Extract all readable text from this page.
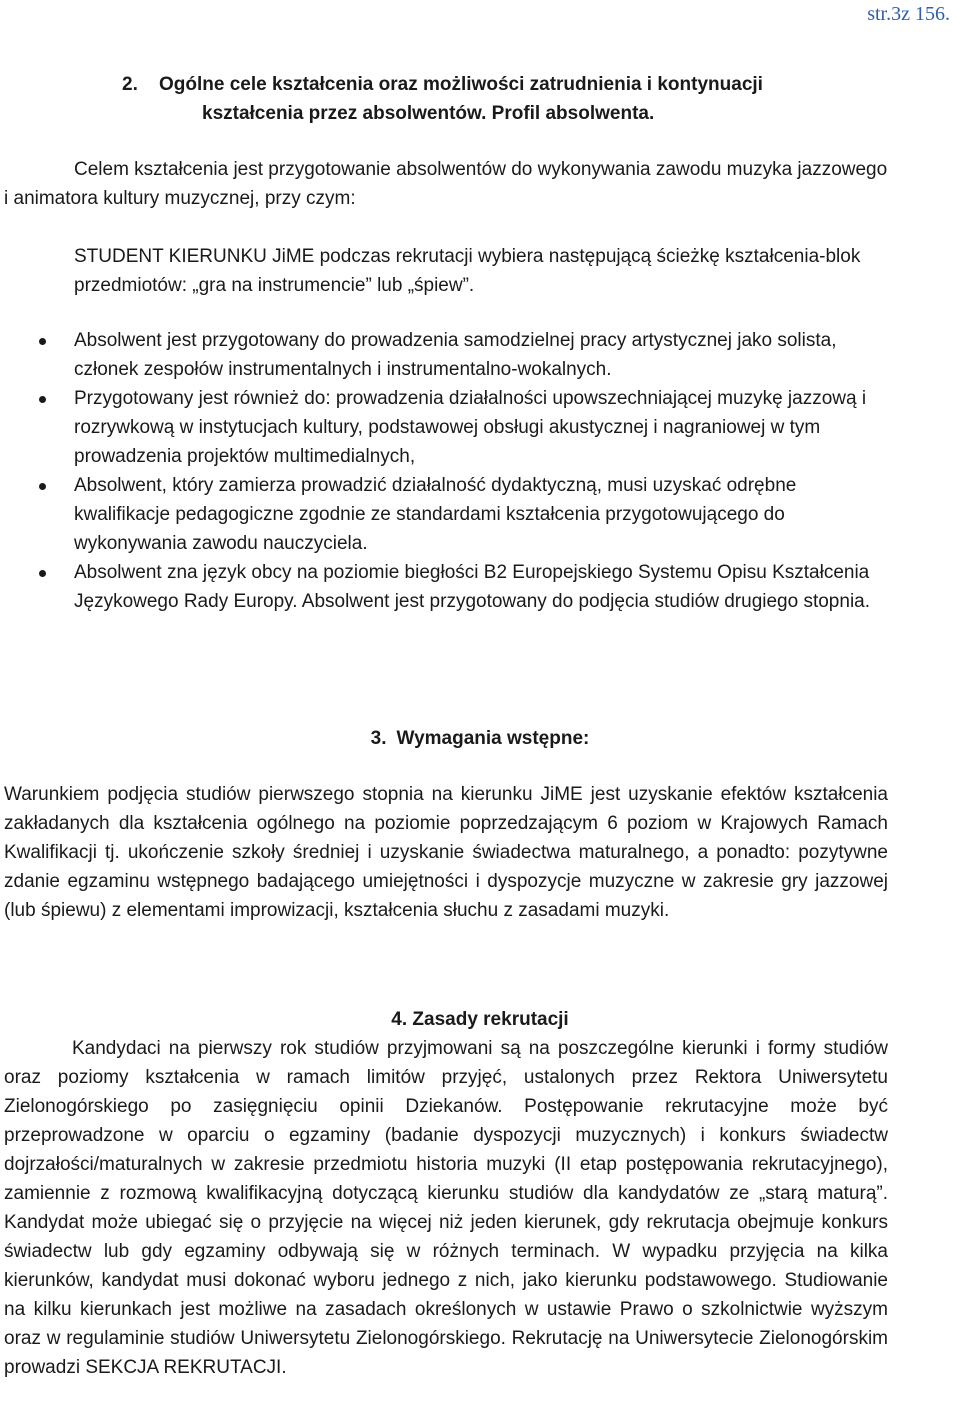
str.3z 156.
2. Ogólne cele kształcenia oraz możliwości zatrudnienia i kontynuacji
kształcenia przez absolwentów. Profil absolwenta.

Celem kształcenia jest przygotowanie absolwentów do wykonywania zawodu muzyka jazzowego i animatora kultury muzycznej, przy czym:

STUDENT KIERUNKU JiME podczas rekrutacji wybiera następującą ścieżkę kształcenia-blok przedmiotów: „gra na instrumencie” lub „śpiew”.

Absolwent jest przygotowany do prowadzenia samodzielnej pracy artystycznej jako solista, członek zespołów instrumentalnych i instrumentalno-wokalnych.

Przygotowany jest również do: prowadzenia działalności upowszechniającej muzykę jazzową i rozrywkową w instytucjach kultury, podstawowej obsługi akustycznej i nagraniowej w tym prowadzenia projektów multimedialnych,

Absolwent, który zamierza prowadzić działalność dydaktyczną, musi uzyskać odrębne kwalifikacje pedagogiczne zgodnie ze standardami kształcenia przygotowującego do wykonywania zawodu nauczyciela.

Absolwent zna język obcy na poziomie biegłości B2 Europejskiego Systemu Opisu Kształcenia Językowego Rady Europy. Absolwent jest przygotowany do podjęcia studiów drugiego stopnia.

3. Wymagania wstępne:

Warunkiem podjęcia studiów pierwszego stopnia na kierunku JiME jest uzyskanie efektów kształcenia zakładanych dla kształcenia ogólnego na poziomie poprzedzającym 6 poziom w Krajowych Ramach Kwalifikacji tj. ukończenie szkoły średniej i uzyskanie świadectwa maturalnego, a ponadto: pozytywne zdanie egzaminu wstępnego badającego umiejętności i dyspozycje muzyczne w zakresie gry jazzowej (lub śpiewu) z elementami improwizacji, kształcenia słuchu z zasadami muzyki.

4. Zasady rekrutacji

Kandydaci na pierwszy rok studiów przyjmowani są na poszczególne kierunki i formy studiów oraz poziomy kształcenia w ramach limitów przyjęć, ustalonych przez Rektora Uniwersytetu Zielonogórskiego po zasięgnięciu opinii Dziekanów. Postępowanie rekrutacyjne może być przeprowadzone w oparciu o egzaminy (badanie dyspozycji muzycznych) i konkurs świadectw dojrzałości/maturalnych w zakresie przedmiotu historia muzyki (II etap postępowania rekrutacyjnego), zamiennie z rozmową kwalifikacyjną dotyczącą kierunku studiów dla kandydatów ze „starą maturą”. Kandydat może ubiegać się o przyjęcie na więcej niż jeden kierunek, gdy rekrutacja obejmuje konkurs świadectw lub gdy egzaminy odbywają się w różnych terminach. W wypadku przyjęcia na kilka kierunków, kandydat musi dokonać wyboru jednego z nich, jako kierunku podstawowego. Studiowanie na kilku kierunkach jest możliwe na zasadach określonych w ustawie Prawo o szkolnictwie wyższym oraz w regulaminie studiów Uniwersytetu Zielonogórskiego. Rekrutację na Uniwersytecie Zielonogórskim prowadzi SEKCJA REKRUTACJI.
